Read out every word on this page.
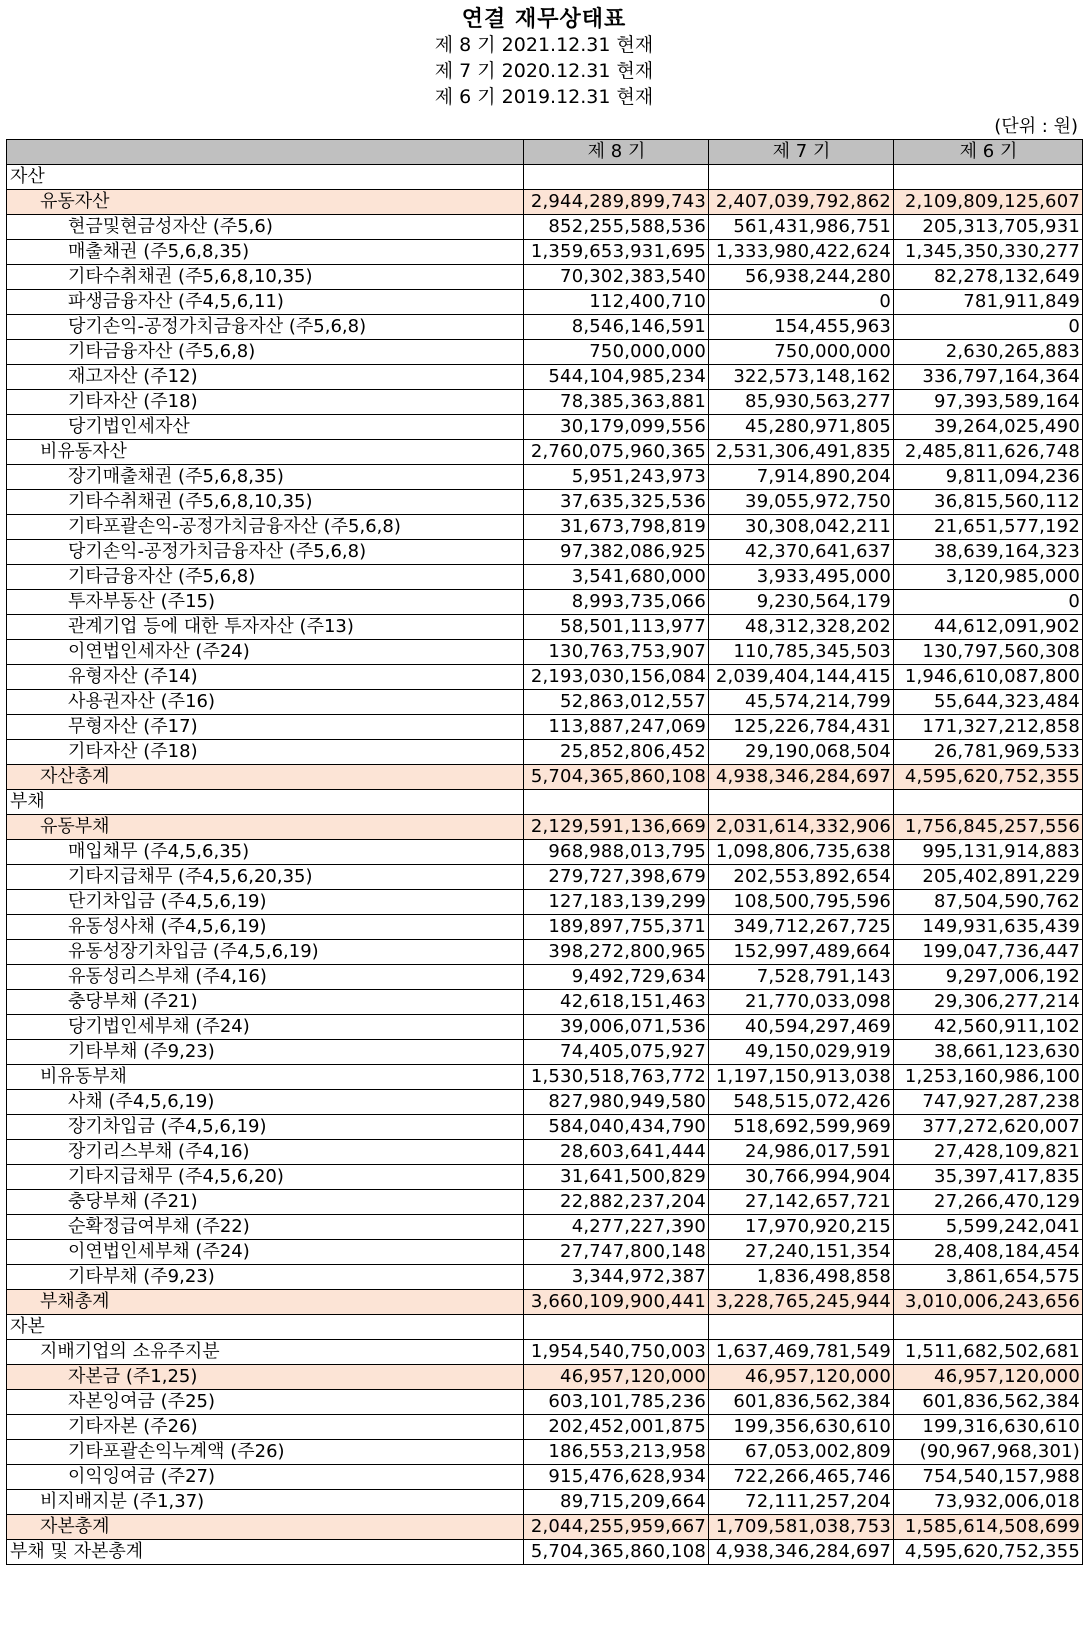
연결 재무상태표
제 8 기 2021.12.31 현재
제 7 기 2020.12.31 현재
제 6 기 2019.12.31 현재
(단위 : 원)
	제 8 기	제 7 기	제 6 기
자산			
유동자산	2,944,289,899,743	2,407,039,792,862	2,109,809,125,607
현금및현금성자산 (주5,6)	852,255,588,536	561,431,986,751	205,313,705,931
매출채권 (주5,6,8,35)	1,359,653,931,695	1,333,980,422,624	1,345,350,330,277
기타수취채권 (주5,6,8,10,35)	70,302,383,540	56,938,244,280	82,278,132,649
파생금융자산 (주4,5,6,11)	112,400,710	0	781,911,849
당기손익-공정가치금융자산 (주5,6,8)	8,546,146,591	154,455,963	0
기타금융자산 (주5,6,8)	750,000,000	750,000,000	2,630,265,883
재고자산 (주12)	544,104,985,234	322,573,148,162	336,797,164,364
기타자산 (주18)	78,385,363,881	85,930,563,277	97,393,589,164
당기법인세자산	30,179,099,556	45,280,971,805	39,264,025,490
비유동자산	2,760,075,960,365	2,531,306,491,835	2,485,811,626,748
장기매출채권 (주5,6,8,35)	5,951,243,973	7,914,890,204	9,811,094,236
기타수취채권 (주5,6,8,10,35)	37,635,325,536	39,055,972,750	36,815,560,112
기타포괄손익-공정가치금융자산 (주5,6,8)	31,673,798,819	30,308,042,211	21,651,577,192
당기손익-공정가치금융자산 (주5,6,8)	97,382,086,925	42,370,641,637	38,639,164,323
기타금융자산 (주5,6,8)	3,541,680,000	3,933,495,000	3,120,985,000
투자부동산 (주15)	8,993,735,066	9,230,564,179	0
관계기업 등에 대한 투자자산 (주13)	58,501,113,977	48,312,328,202	44,612,091,902
이연법인세자산 (주24)	130,763,753,907	110,785,345,503	130,797,560,308
유형자산 (주14)	2,193,030,156,084	2,039,404,144,415	1,946,610,087,800
사용권자산 (주16)	52,863,012,557	45,574,214,799	55,644,323,484
무형자산 (주17)	113,887,247,069	125,226,784,431	171,327,212,858
기타자산 (주18)	25,852,806,452	29,190,068,504	26,781,969,533
자산총계	5,704,365,860,108	4,938,346,284,697	4,595,620,752,355
부채			
유동부채	2,129,591,136,669	2,031,614,332,906	1,756,845,257,556
매입채무 (주4,5,6,35)	968,988,013,795	1,098,806,735,638	995,131,914,883
기타지급채무 (주4,5,6,20,35)	279,727,398,679	202,553,892,654	205,402,891,229
단기차입금 (주4,5,6,19)	127,183,139,299	108,500,795,596	87,504,590,762
유동성사채 (주4,5,6,19)	189,897,755,371	349,712,267,725	149,931,635,439
유동성장기차입금 (주4,5,6,19)	398,272,800,965	152,997,489,664	199,047,736,447
유동성리스부채 (주4,16)	9,492,729,634	7,528,791,143	9,297,006,192
충당부채 (주21)	42,618,151,463	21,770,033,098	29,306,277,214
당기법인세부채 (주24)	39,006,071,536	40,594,297,469	42,560,911,102
기타부채 (주9,23)	74,405,075,927	49,150,029,919	38,661,123,630
비유동부채	1,530,518,763,772	1,197,150,913,038	1,253,160,986,100
사채 (주4,5,6,19)	827,980,949,580	548,515,072,426	747,927,287,238
장기차입금 (주4,5,6,19)	584,040,434,790	518,692,599,969	377,272,620,007
장기리스부채 (주4,16)	28,603,641,444	24,986,017,591	27,428,109,821
기타지급채무 (주4,5,6,20)	31,641,500,829	30,766,994,904	35,397,417,835
충당부채 (주21)	22,882,237,204	27,142,657,721	27,266,470,129
순확정급여부채 (주22)	4,277,227,390	17,970,920,215	5,599,242,041
이연법인세부채 (주24)	27,747,800,148	27,240,151,354	28,408,184,454
기타부채 (주9,23)	3,344,972,387	1,836,498,858	3,861,654,575
부채총계	3,660,109,900,441	3,228,765,245,944	3,010,006,243,656
자본			
지배기업의 소유주지분	1,954,540,750,003	1,637,469,781,549	1,511,682,502,681
자본금 (주1,25)	46,957,120,000	46,957,120,000	46,957,120,000
자본잉여금 (주25)	603,101,785,236	601,836,562,384	601,836,562,384
기타자본 (주26)	202,452,001,875	199,356,630,610	199,316,630,610
기타포괄손익누계액 (주26)	186,553,213,958	67,053,002,809	(90,967,968,301)
이익잉여금 (주27)	915,476,628,934	722,266,465,746	754,540,157,988
비지배지분 (주1,37)	89,715,209,664	72,111,257,204	73,932,006,018
자본총계	2,044,255,959,667	1,709,581,038,753	1,585,614,508,699
부채 및 자본총계	5,704,365,860,108	4,938,346,284,697	4,595,620,752,355
